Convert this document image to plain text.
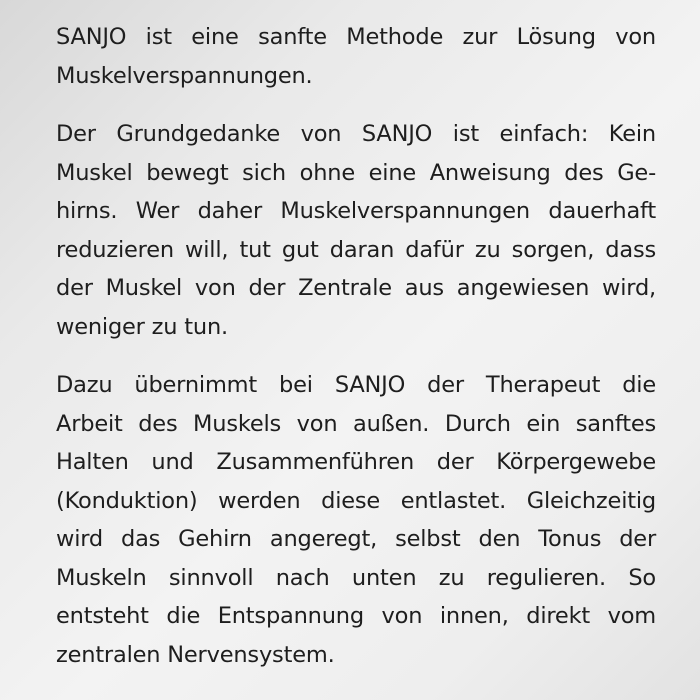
SANJO ist eine sanfte Methode zur Lösung von
Muskelverspannungen.
Der Grundgedanke von SANJO ist einfach: Kein
Muskel bewegt sich ohne eine Anweisung des Ge-
hirns. Wer daher Muskelverspannungen dauerhaft
reduzieren will, tut gut daran dafür zu sorgen, dass
der Muskel von der Zentrale aus angewiesen wird,
weniger zu tun.
Dazu übernimmt bei SANJO der Therapeut die
Arbeit des Muskels von außen. Durch ein sanftes
Halten und Zusammenführen der Körpergewebe
(Konduktion) werden diese entlastet. Gleichzeitig
wird das Gehirn angeregt, selbst den Tonus der
Muskeln sinnvoll nach unten zu regulieren. So
entsteht die Entspannung von innen, direkt vom
zentralen Nervensystem.
